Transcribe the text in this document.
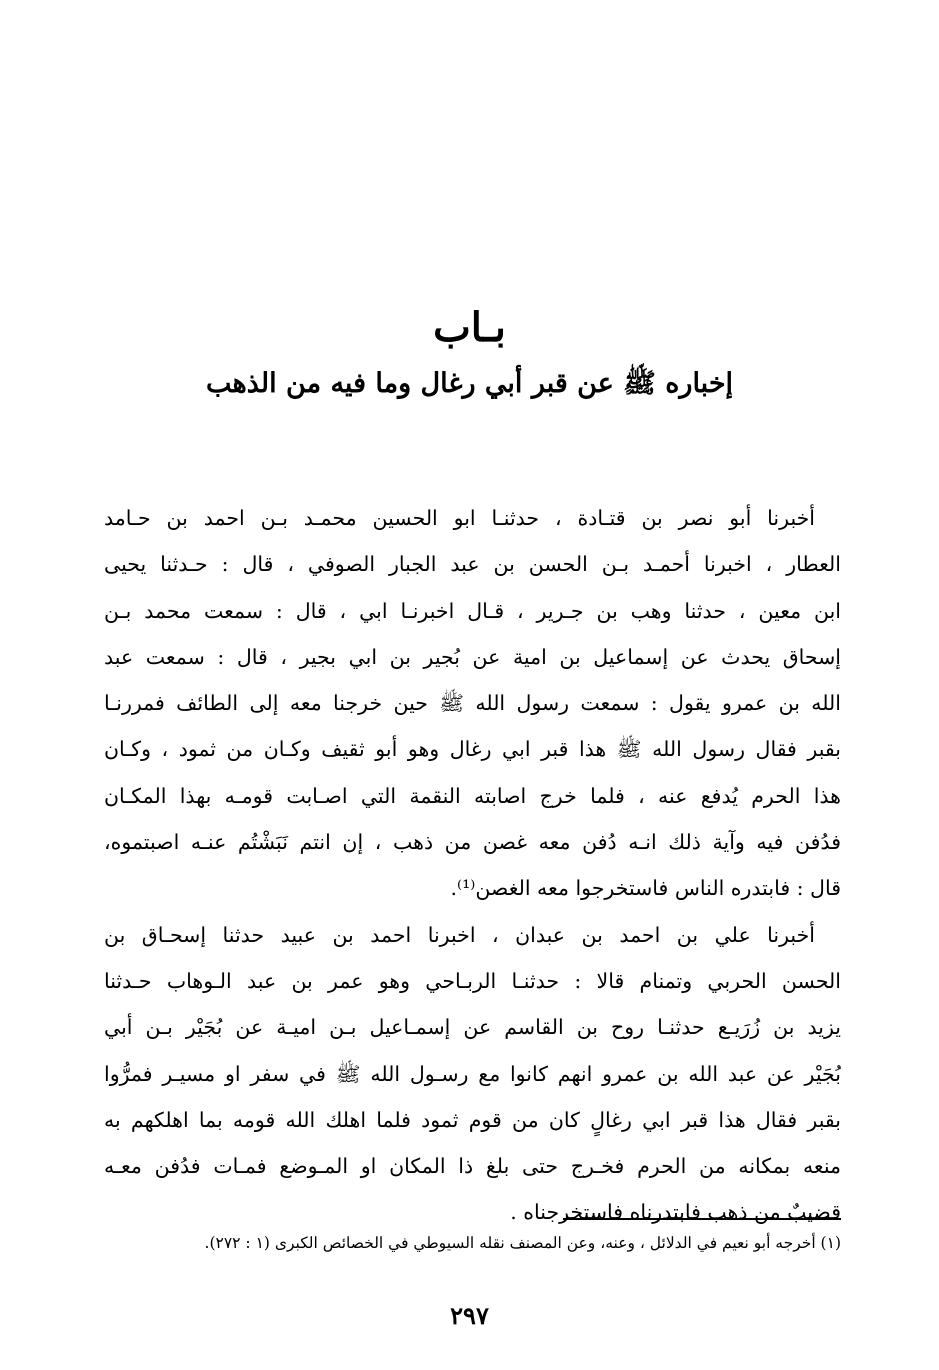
بـاب
إخباره ﷺ عن قبر أبي رغال وما فيه من الذهب
أخبرنا أبو نصر بن قتـادة ، حدثنـا ابو الحسين محمـد بـن احمد بن حـامد
العطار ، اخبرنا أحمـد بـن الحسن بن عبد الجبار الصوفي ، قال : حـدثنا يحيى
ابن معين ، حدثنا وهب بن جـرير ، قـال اخبرنـا ابي ، قال : سمعت محمد بـن
إسحاق يحدث عن إسماعيل بن امية عن بُجير بن ابي بجير ، قال : سمعت عبد
الله بن عمرو يقول : سمعت رسول الله ﷺ حين خرجنا معه إلى الطائف فمررنـا
بقبر فقال رسول الله ﷺ هذا قبر ابي رغال وهو أبو ثقيف وكـان من ثمود ، وكـان
هذا الحرم يُدفع عنه ، فلما خرج اصابته النقمة التي اصـابت قومـه بهذا المكـان
فدُفن فيه وآية ذلك انـه دُفن معه غصن من ذهب ، إن انتم نَبَشْتُم عنـه اصبتموه،
قال : فابتدره الناس فاستخرجوا معه الغصن⁽¹⁾.
أخبرنا علي بن احمد بن عبدان ، اخبرنا احمد بن عبيد حدثنا إسحـاق بن
الحسن الحربي وتمنام قالا : حدثنـا الربـاحي وهو عمر بن عبد الـوهاب حـدثنا
يزيد بن زُرَيـع حدثنـا روح بن القاسم عن إسمـاعيل بـن اميـة عن بُجَيْر بـن أبي
بُجَيْر عن عبد الله بن عمرو انهم كانوا مع رسـول الله ﷺ في سفر او مسيـر فمرُّوا
بقبر فقال هذا قبر ابي رغالٍ كان من قوم ثمود فلما اهلك الله قومه بما اهلكهم به
منعه بمكانه من الحرم فخـرج حتى بلغ ذا المكان او المـوضع فمـات فدُفن معـه
قضيبٌ من ذهب فابتدرناه فاستخرجناه .
(١) أخرجه أبو نعيم في الدلائل ، وعنه، وعن المصنف نقله السيوطي في الخصائص الكبرى (١ : ٢٧٢).
٢٩٧
